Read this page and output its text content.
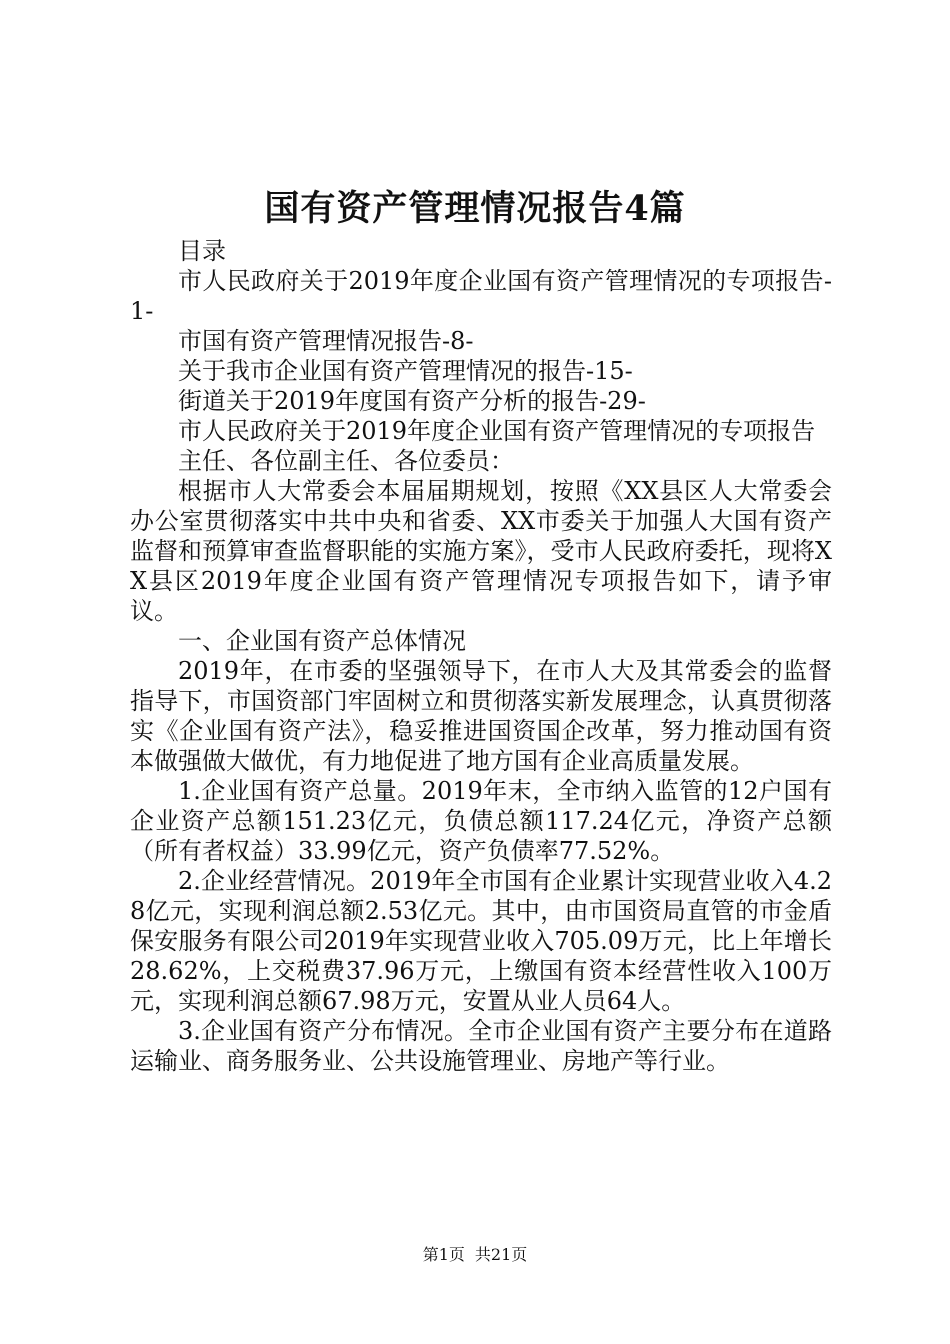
国有资产管理情况报告4篇

目录

市人民政府关于2019年度企业国有资产管理情况的专项报告-1-

市国有资产管理情况报告-8-

关于我市企业国有资产管理情况的报告-15-

街道关于2019年度国有资产分析的报告-29-

市人民政府关于2019年度企业国有资产管理情况的专项报告

主任、各位副主任、各位委员：

根据市人大常委会本届届期规划，按照《XX县区人大常委会办公室贯彻落实中共中央和省委、XX市委关于加强人大国有资产监督和预算审查监督职能的实施方案》，受市人民政府委托，现将XX县区2019年度企业国有资产管理情况专项报告如下，请予审议。

一、企业国有资产总体情况

2019年，在市委的坚强领导下，在市人大及其常委会的监督指导下，市国资部门牢固树立和贯彻落实新发展理念，认真贯彻落实《企业国有资产法》，稳妥推进国资国企改革，努力推动国有资本做强做大做优，有力地促进了地方国有企业高质量发展。

1.企业国有资产总量。2019年末，全市纳入监管的12户国有企业资产总额151.23亿元，负债总额117.24亿元，净资产总额（所有者权益）33.99亿元，资产负债率77.52%。

2.企业经营情况。2019年全市国有企业累计实现营业收入4.28亿元，实现利润总额2.53亿元。其中，由市国资局直管的市金盾保安服务有限公司2019年实现营业收入705.09万元，比上年增长28.62%，上交税费37.96万元，上缴国有资本经营性收入100万元，实现利润总额67.98万元，安置从业人员64人。

3.企业国有资产分布情况。全市企业国有资产主要分布在道路运输业、商务服务业、公共设施管理业、房地产等行业。

第1页 共21页
